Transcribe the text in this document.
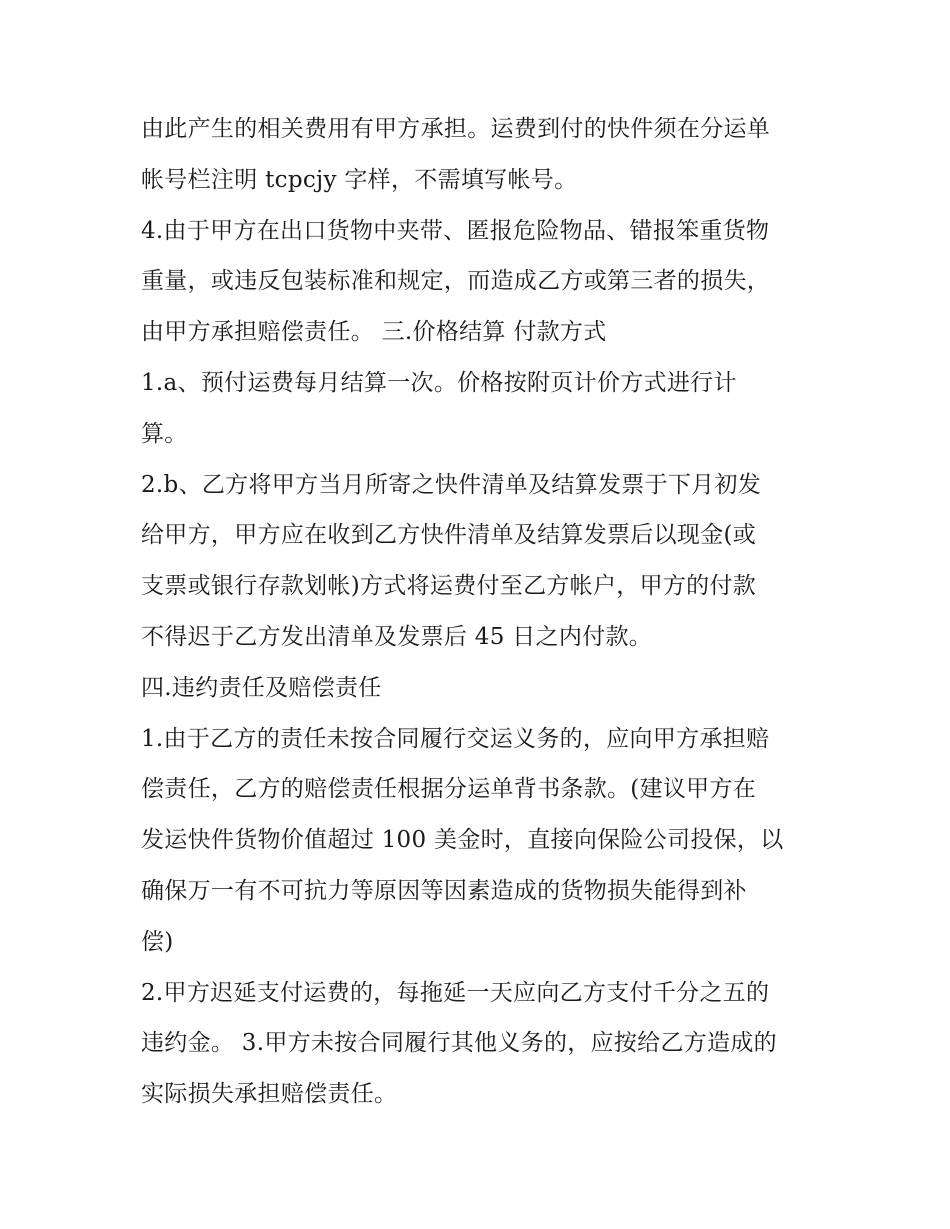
由此产生的相关费用有甲方承担。运费到付的快件须在分运单
帐号栏注明 tcpcjy 字样，不需填写帐号。
4.由于甲方在出口货物中夹带、匿报危险物品、错报笨重货物
重量，或违反包装标准和规定，而造成乙方或第三者的损失，
由甲方承担赔偿责任。 三.价格结算 付款方式
1.a、预付运费每月结算一次。价格按附页计价方式进行计
算。
2.b、乙方将甲方当月所寄之快件清单及结算发票于下月初发
给甲方，甲方应在收到乙方快件清单及结算发票后以现金(或
支票或银行存款划帐)方式将运费付至乙方帐户，甲方的付款
不得迟于乙方发出清单及发票后 45 日之内付款。
四.违约责任及赔偿责任
1.由于乙方的责任未按合同履行交运义务的，应向甲方承担赔
偿责任，乙方的赔偿责任根据分运单背书条款。(建议甲方在
发运快件货物价值超过 100 美金时，直接向保险公司投保，以
确保万一有不可抗力等原因等因素造成的货物损失能得到补
偿)
2.甲方迟延支付运费的，每拖延一天应向乙方支付千分之五的
违约金。 3.甲方未按合同履行其他义务的，应按给乙方造成的
实际损失承担赔偿责任。
